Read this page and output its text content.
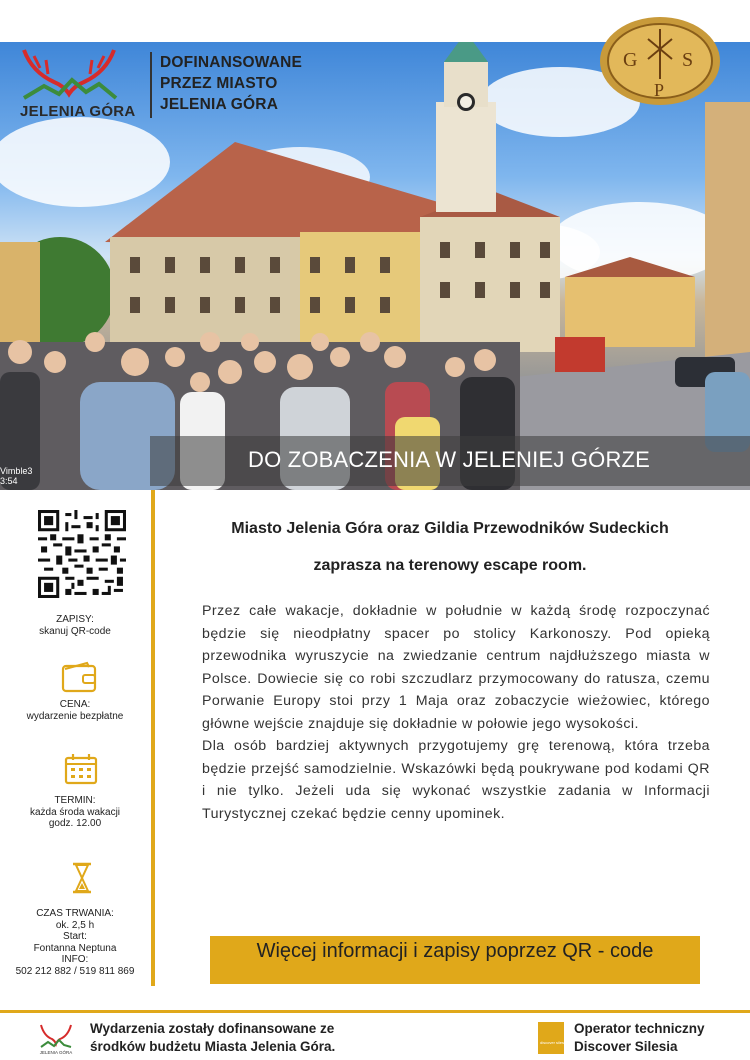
JELENIA GÓRA
DOFINANSOWANE
PRZEZ MIASTO
JELENIA GÓRA
G S
P
DO ZOBACZENIA W JELENIEJ GÓRZE
Vimble3
3:54
ZAPISY:
skanuj QR-code
CENA:
wydarzenie bezpłatne
TERMIN:
każda środa wakacji
godz. 12.00
CZAS TRWANIA:
ok. 2,5 h
Start:
Fontanna Neptuna
INFO:
502 212 882 / 519 811 869
Miasto Jelenia Góra oraz Gildia Przewodników Sudeckich
zaprasza na terenowy escape room.

Przez całe wakacje, dokładnie w południe w każdą środę rozpoczynać będzie się nieodpłatny spacer po stolicy Karkonoszy. Pod opieką przewodnika wyruszycie na zwiedzanie centrum najdłuższego miasta w Polsce. Dowiecie się co robi szczudlarz przymocowany do ratusza, czemu Porwanie Europy stoi przy 1 Maja oraz zobaczycie wieżowiec, którego główne wejście znajduje się dokładnie w połowie jego wysokości.

Dla osób bardziej aktywnych przygotujemy grę terenową, która trzeba będzie przejść samodzielnie. Wskazówki będą poukrywane pod kodami QR i nie tylko. Jeżeli uda się wykonać wszystkie zadania w Informacji Turystycznej czekać będzie cenny upominek.

Więcej informacji i zapisy poprzez QR - code
JELENIA GÓRA
Wydarzenia zostały dofinansowane ze
środków budżetu Miasta Jelenia Góra.	discover silesia
Operator techniczny
Discover Silesia
